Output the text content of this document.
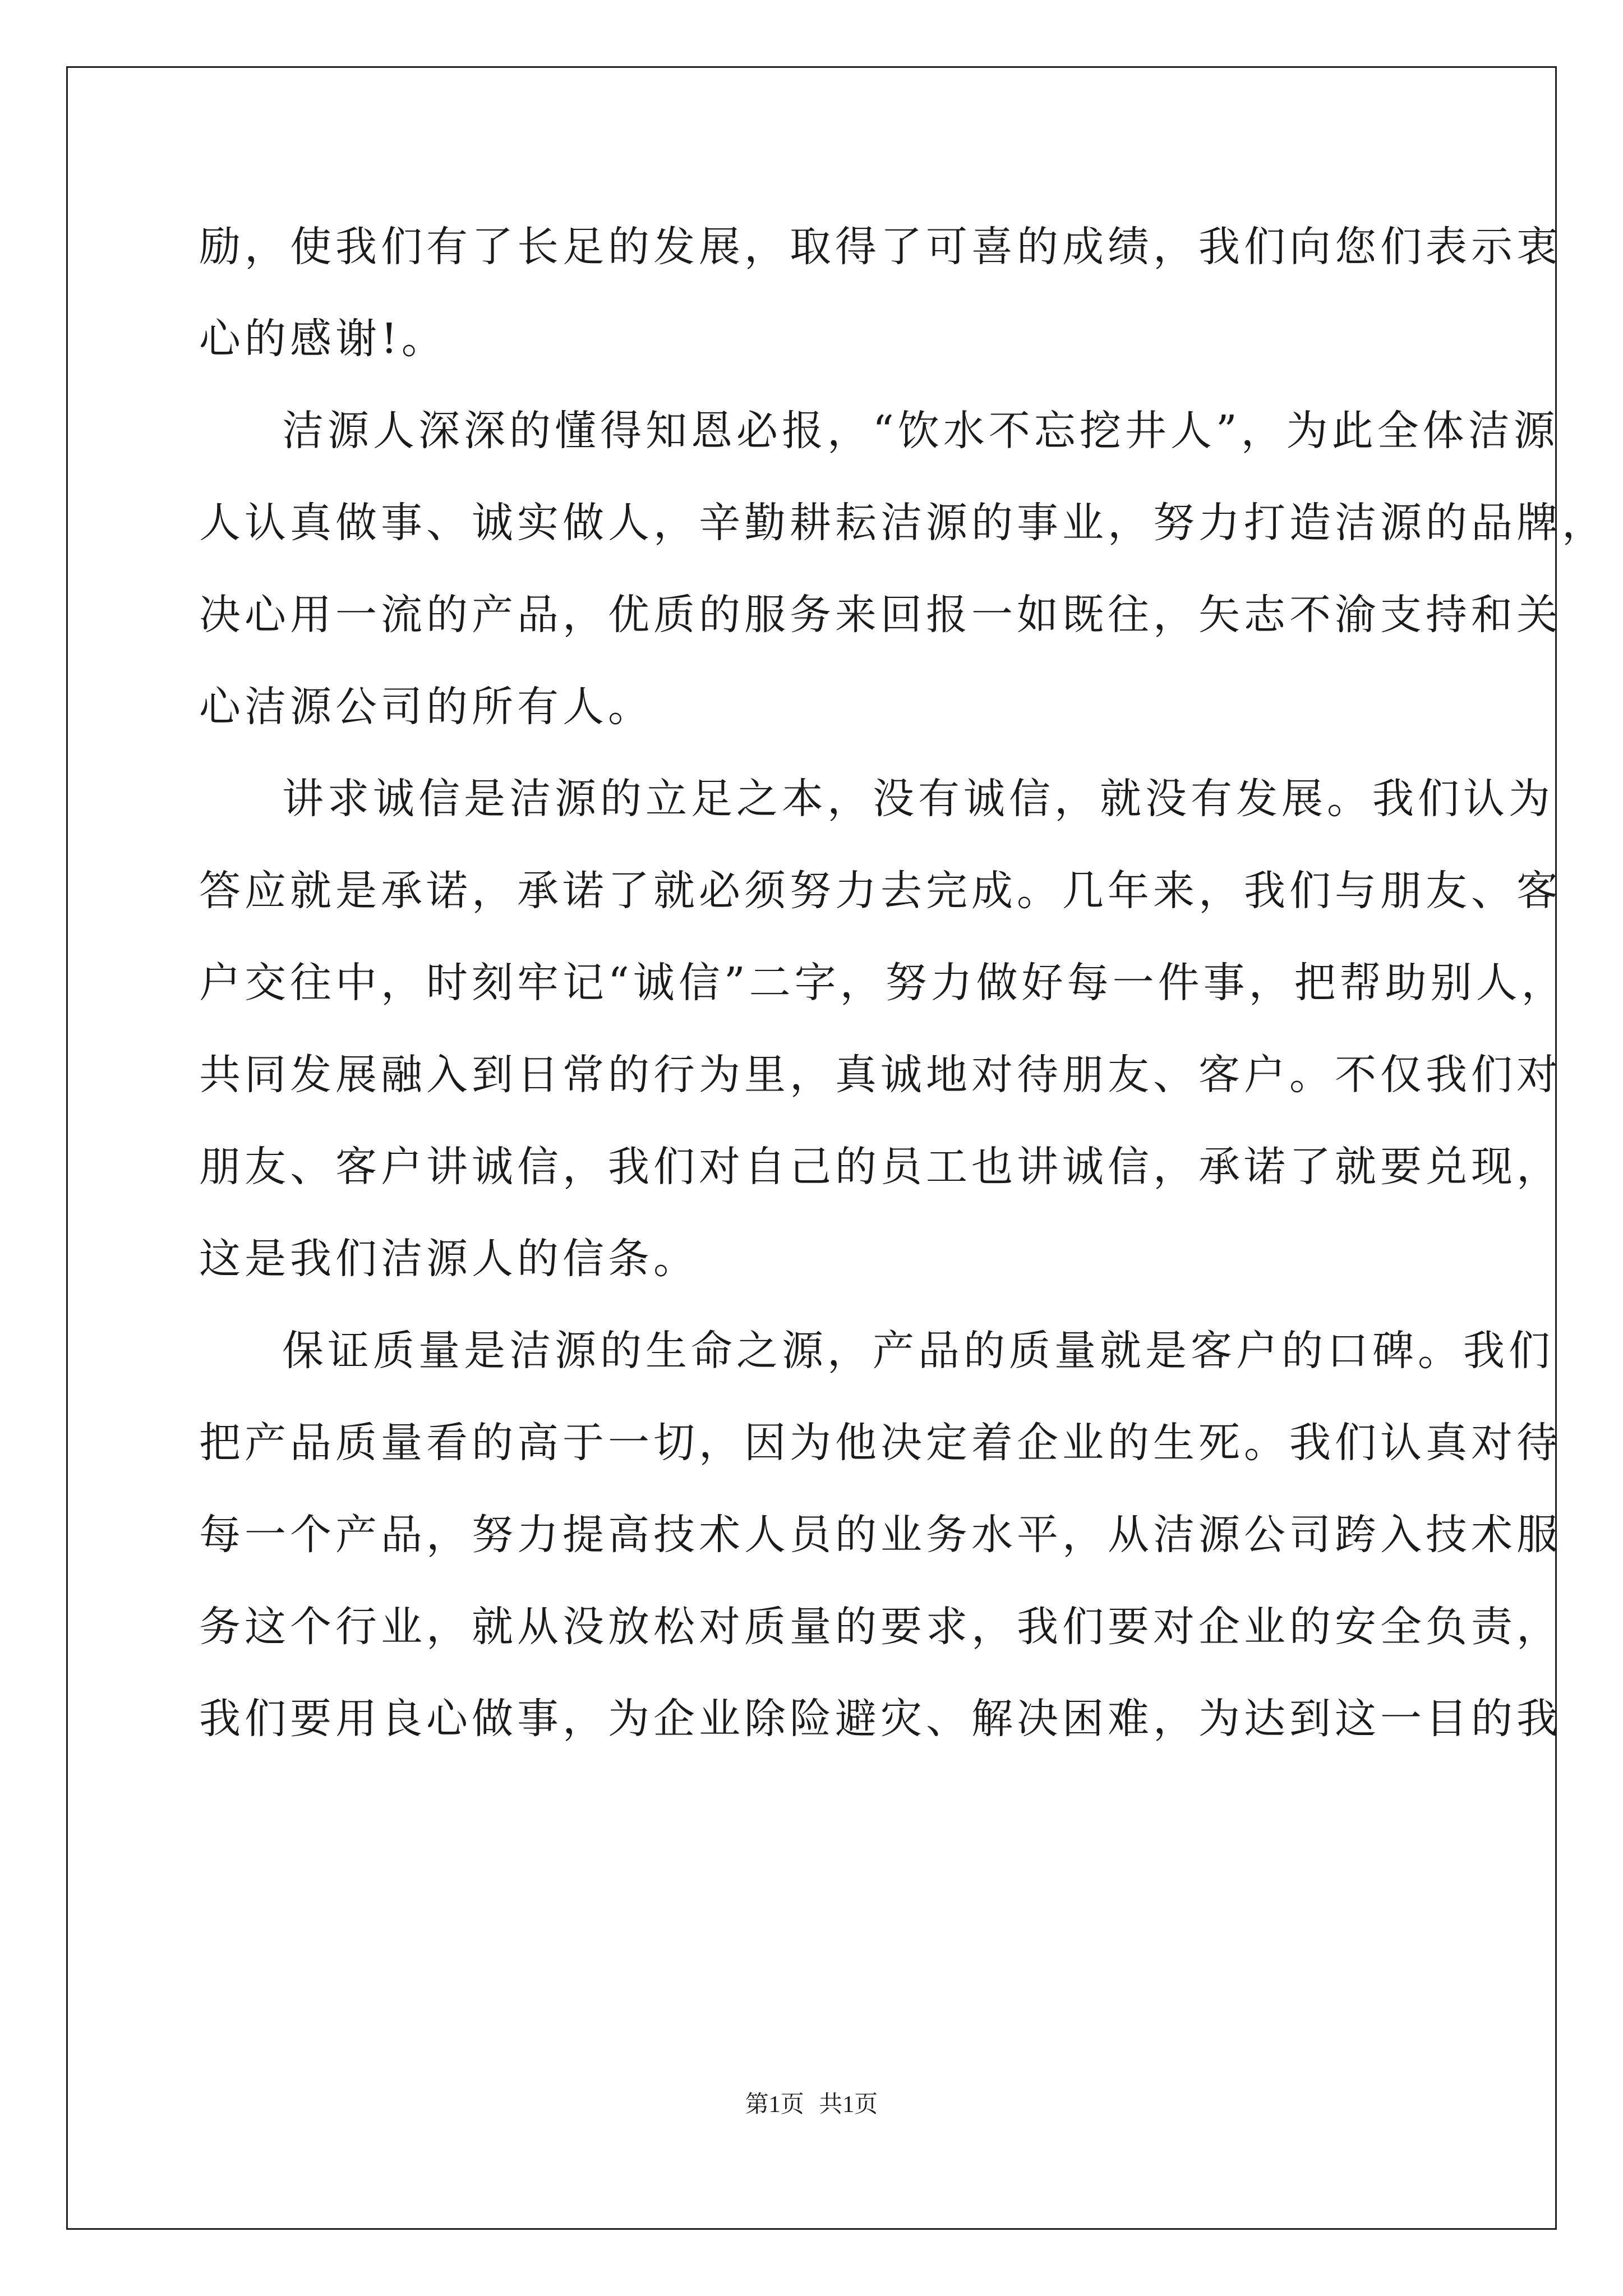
励，使我们有了长足的发展，取得了可喜的成绩，我们向您们表示衷
心的感谢!。
洁源人深深的懂得知恩必报，“饮水不忘挖井人”，为此全体洁源
人认真做事、诚实做人，辛勤耕耘洁源的事业，努力打造洁源的品牌，
决心用一流的产品，优质的服务来回报一如既往，矢志不渝支持和关
心洁源公司的所有人。
讲求诚信是洁源的立足之本，没有诚信，就没有发展。我们认为
答应就是承诺，承诺了就必须努力去完成。几年来，我们与朋友、客
户交往中，时刻牢记“诚信”二字，努力做好每一件事，把帮助别人，
共同发展融入到日常的行为里，真诚地对待朋友、客户。不仅我们对
朋友、客户讲诚信，我们对自己的员工也讲诚信，承诺了就要兑现，
这是我们洁源人的信条。
保证质量是洁源的生命之源，产品的质量就是客户的口碑。我们
把产品质量看的高于一切，因为他决定着企业的生死。我们认真对待
每一个产品，努力提高技术人员的业务水平，从洁源公司跨入技术服
务这个行业，就从没放松对质量的要求，我们要对企业的安全负责，
我们要用良心做事，为企业除险避灾、解决困难，为达到这一目的我
第1页 共1页
